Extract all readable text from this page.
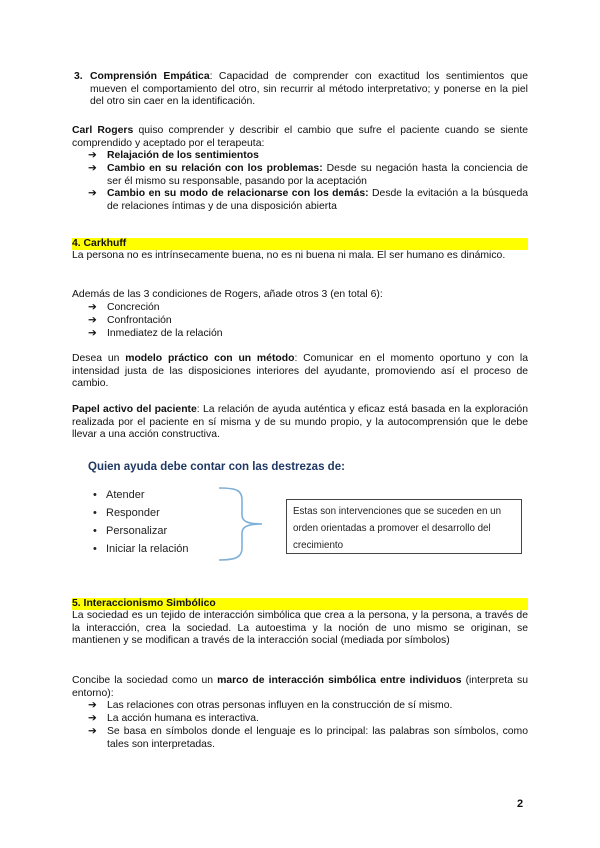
3. Comprensión Empática: Capacidad de comprender con exactitud los sentimientos que mueven el comportamiento del otro, sin recurrir al método interpretativo; y ponerse en la piel del otro sin caer en la identificación.
Carl Rogers quiso comprender y describir el cambio que sufre el paciente cuando se siente comprendido y aceptado por el terapeuta:
➔ Relajación de los sentimientos
➔ Cambio en su relación con los problemas: Desde su negación hasta la conciencia de ser él mismo su responsable, pasando por la aceptación
➔ Cambio en su modo de relacionarse con los demás: Desde la evitación a la búsqueda de relaciones íntimas y de una disposición abierta
4. Carkhuff
La persona no es intrínsecamente buena, no es ni buena ni mala. El ser humano es dinámico.
Además de las 3 condiciones de Rogers, añade otros 3 (en total 6):
➔ Concreción
➔ Confrontación
➔ Inmediatez de la relación
Desea un modelo práctico con un método: Comunicar en el momento oportuno y con la intensidad justa de las disposiciones interiores del ayudante, promoviendo así el proceso de cambio.
Papel activo del paciente: La relación de ayuda auténtica y eficaz está basada en la exploración realizada por el paciente en sí misma y de su mundo propio, y la autocomprensión que le debe llevar a una acción constructiva.
Quien ayuda debe contar con las destrezas de:
• Atender
• Responder
• Personalizar
• Iniciar la relación
Estas son intervenciones que se suceden en un orden orientadas a promover el desarrollo del crecimiento
5. Interaccionismo Simbólico
La sociedad es un tejido de interacción simbólica que crea a la persona, y la persona, a través de la interacción, crea la sociedad. La autoestima y la noción de uno mismo se originan, se mantienen y se modifican a través de la interacción social (mediada por símbolos)
Concibe la sociedad como un marco de interacción simbólica entre individuos (interpreta su entorno):
➔ Las relaciones con otras personas influyen en la construcción de sí mismo.
➔ La acción humana es interactiva.
➔ Se basa en símbolos donde el lenguaje es lo principal: las palabras son símbolos, como tales son interpretadas.
2
